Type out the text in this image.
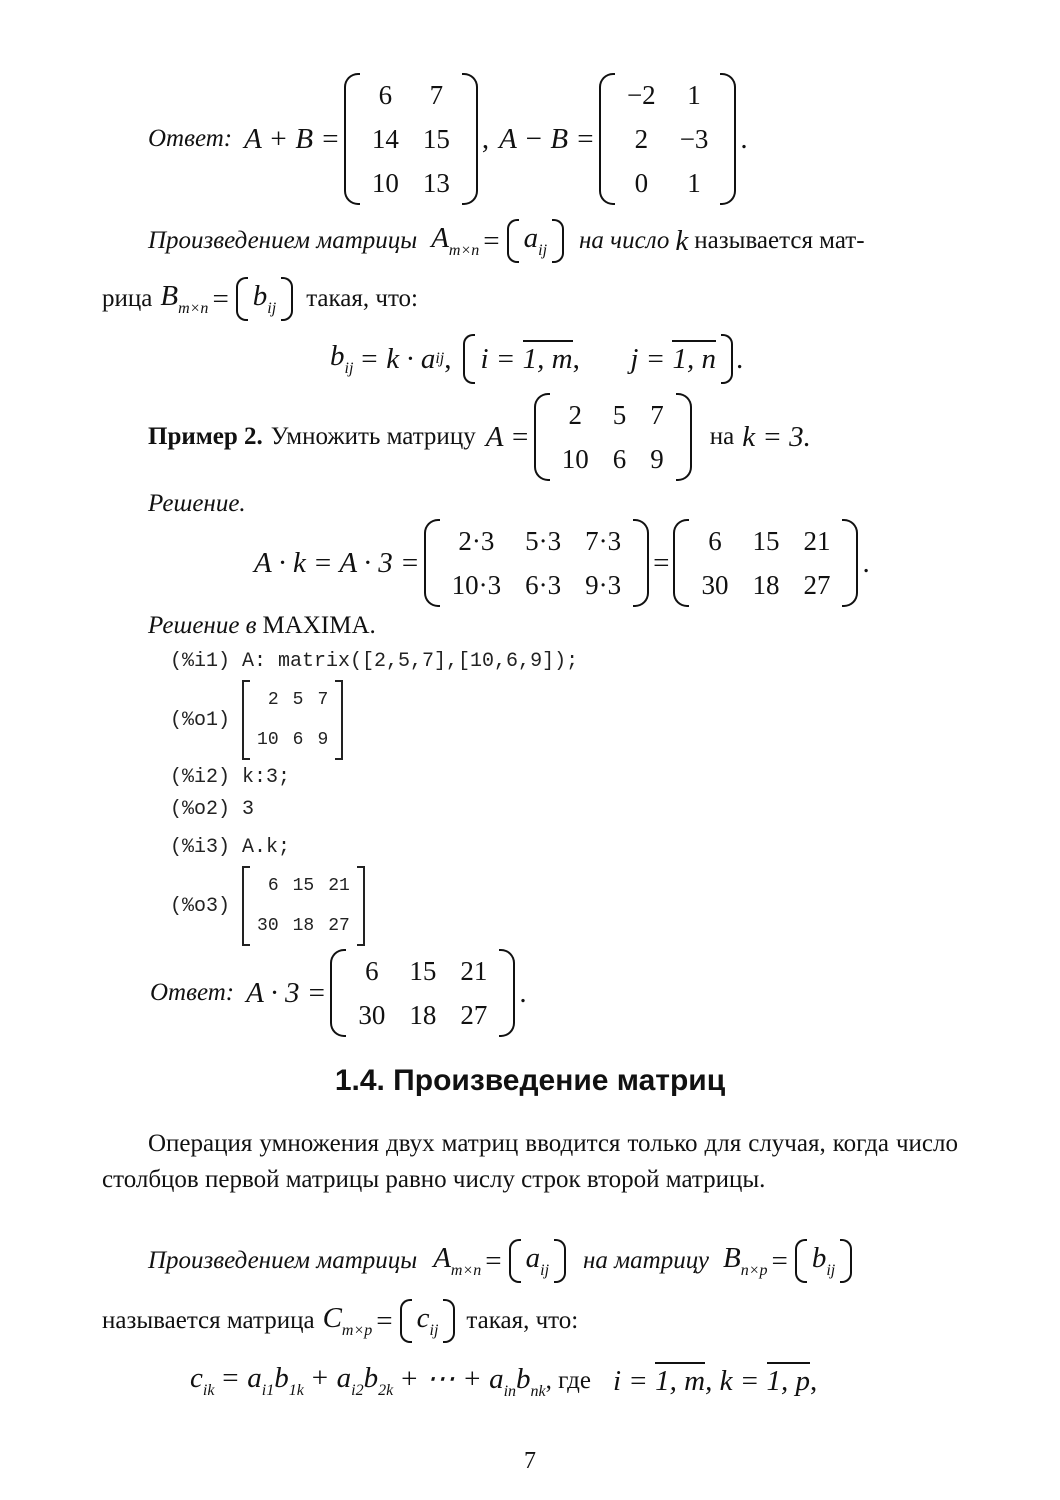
Ответ: A + B =
6	7
14	15
10	13
, A − B =
−2	1
2	−3
0	1
.
Произведением матрицы $A_{m\times n} = a_{ij}$ на число k называется мат-
рица $B_{m\times n} = b_{ij}$ такая, что:
$b_{ij} = k \cdot a$ ij , i = 1, m, j = 1, n .
Пример 2. Умножить матрицу A =
2	5	7
10	6	9
на k = 3.
Решение.
A · k = A · 3 =
2·3	5·3	7·3
10·3	6·3	9·3
=
6	15	21
30	18	27
.
Решение в MAXIMA.
(%i1) A: matrix([2,5,7],[10,6,9]);
(%o1)
2	5	7
10	6	9
(%i2) k:3;
(%o2) 3
(%i3) A.k;
(%o3)
6	15	21
30	18	27
Ответ: A · 3 =
6	15	21
30	18	27
.
1.4. Произведение матриц
Операция умножения двух матриц вводится только для случая, когда число столбцов первой матрицы равно числу строк второй матрицы.
Произведением матрицы $A_{m\times n} = a_{ij}$ на матрицу $B_{n\times p} = b_{ij}$
называется матрица $C_{m\times p} = c_{ij}$ такая, что:
$c_{ik} = a_{i1}b_{1k} + a_{i2}b_{2k}$ + ⋯ + $a_{in}b_{nk}$ , где i = 1, m , k = 1, p ,
7
